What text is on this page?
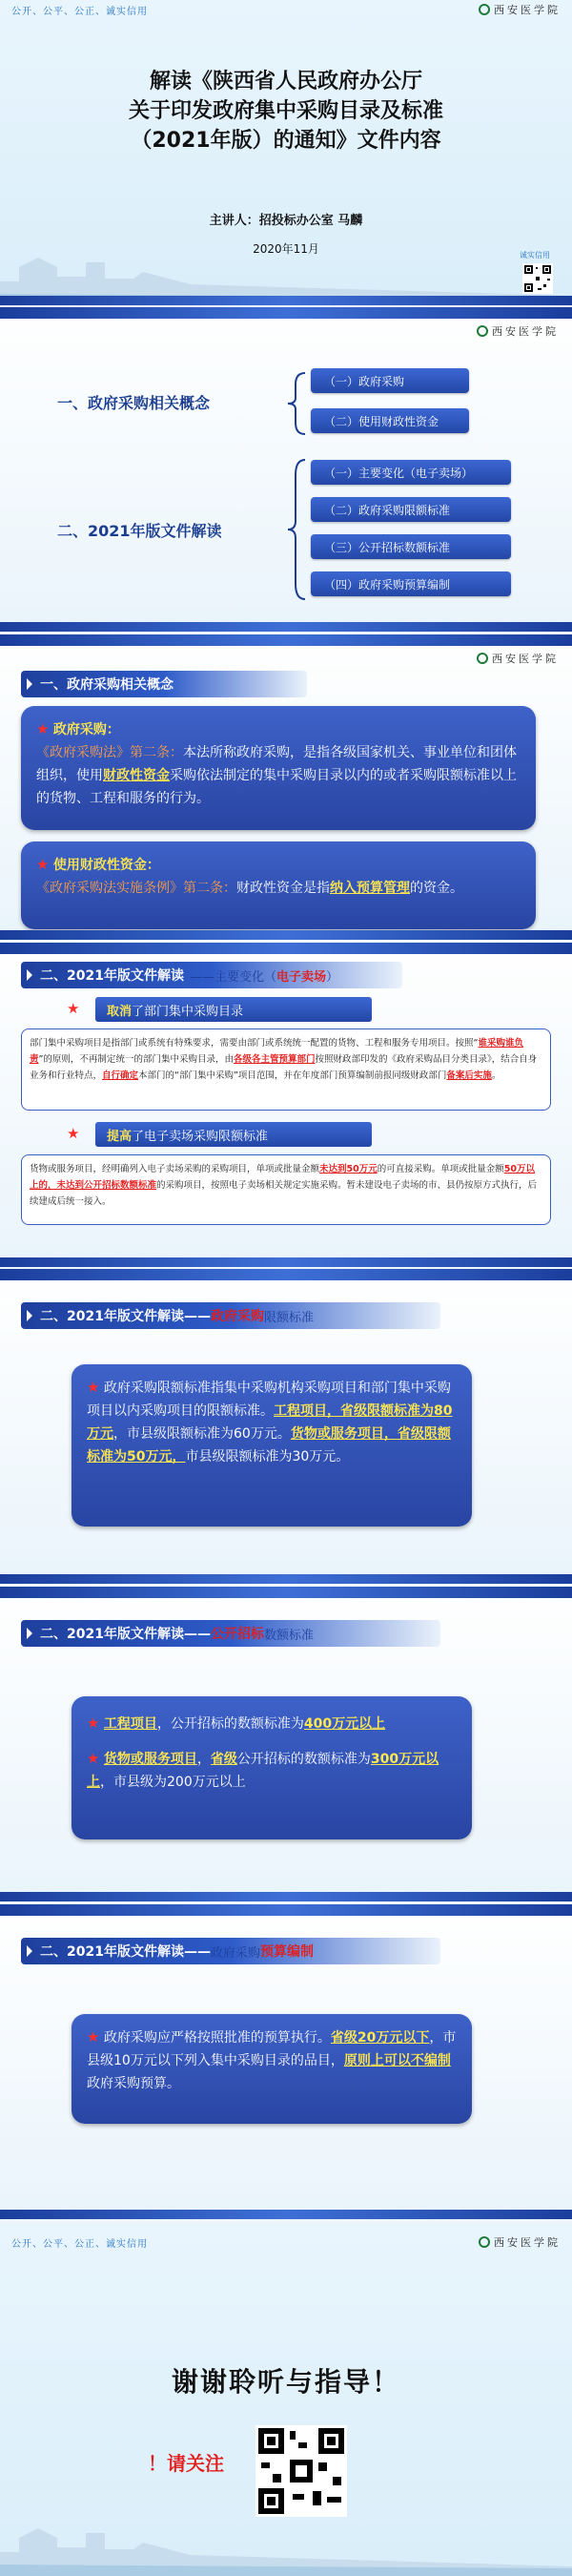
公开、公平、公正、诚实信用	西安医学院
解读《陕西省人民政府办公厅
关于印发政府集中采购目录及标准
（2021年版）的通知》文件内容
主讲人：招投标办公室 马麟
2020年11月	诚实信用
西安医学院
一、政府采购相关概念
（一）政府采购
（二）使用财政性资金
二、2021年版文件解读
（一）主要变化（电子卖场）
（二）政府采购限额标准
（三）公开招标数额标准
（四）政府采购预算编制
西安医学院
一、政府采购相关概念
★ 政府采购：
《政府采购法》第二条：本法所称政府采购，是指各级国家机关、事业单位和团体组织，使用财政性资金采购依法制定的集中采购目录以内的或者采购限额标准以上的货物、工程和服务的行为。
★ 使用财政性资金：
《政府采购法实施条例》第二条：财政性资金是指纳入预算管理的资金。
二、2021年版文件解读 ——主要变化（电子卖场）
★ 取消 了部门集中采购目录
部门集中采购项目是指部门或系统有特殊要求，需要由部门或系统统一配置的货物、工程和服务专用项目。按照“谁采购谁负责”的原则，不再制定统一的部门集中采购目录，由各级各主管预算部门按照财政部印发的《政府采购品目分类目录》，结合自身业务和行业特点，自行确定本部门的“部门集中采购”项目范围，并在年度部门预算编制前报同级财政部门备案后实施。
★ 提高 了电子卖场采购限额标准
货物或服务项目，经明确列入电子卖场采购的采购项目，单项或批量金额未达到50万元的可直接采购。单项或批量金额50万以上的，未达到公开招标数额标准的采购项目，按照电子卖场相关规定实施采购。暂未建设电子卖场的市、县仍按原方式执行，后续建成后统一接入。
二、2021年版文件解读—— 政府采购 限额标准
★ 政府采购限额标准指集中采购机构采购项目和部门集中采购项目以内采购项目的限额标准。工程项目，省级限额标准为80万元，市县级限额标准为60万元。货物或服务项目，省级限额标准为50万元，市县级限额标准为30万元。
二、2021年版文件解读—— 公开招标 数额标准
★ 工程项目，公开招标的数额标准为400万元以上
★ 货物或服务项目，省级公开招标的数额标准为300万元以上，市县级为200万元以上
二、2021年版文件解读—— 政府采购 预算编制
★ 政府采购应严格按照批准的预算执行。省级20万元以下，市县级10万元以下列入集中采购目录的品目，原则上可以不编制政府采购预算。
公开、公平、公正、诚实信用	西安医学院
谢谢聆听与指导！
！请关注
